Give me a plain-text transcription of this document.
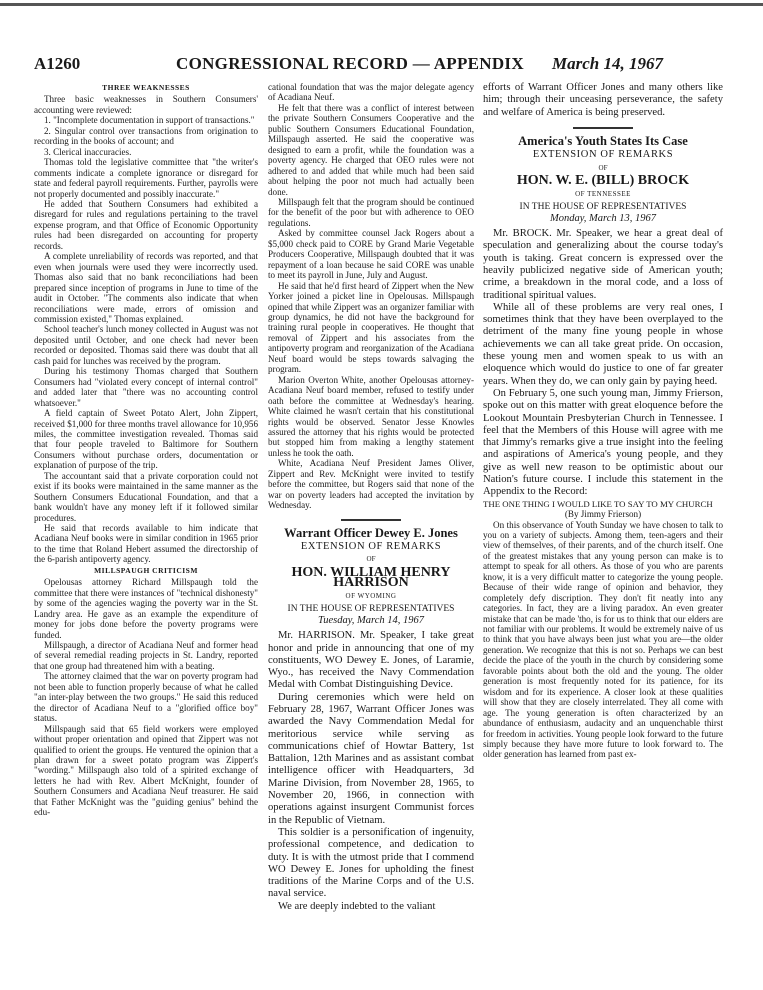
A1260	CONGRESSIONAL RECORD — APPENDIX March 14, 1967
THREE WEAKNESSES

Three basic weaknesses in Southern Consumers' accounting were reviewed:

1. "Incomplete documentation in support of transactions."

2. Singular control over transactions from origination to recording in the books of account; and

3. Clerical inaccuracies.

Thomas told the legislative committee that "the writer's comments indicate a complete ignorance or disregard for state and federal payroll requirements. Further, payrolls were not properly documented and possibly inaccurate."

He added that Southern Consumers had exhibited a disregard for rules and regulations pertaining to the travel expense program, and that Office of Economic Opportunity rules had been disregarded on accounting for property records.

A complete unreliability of records was reported, and that even when journals were used they were incorrectly used. Thomas also said that no bank reconciliations had been prepared since inception of programs in June to time of the audit in October. "The comments also indicate that when reconciliations were made, errors of omission and commission existed," Thomas explained.

School teacher's lunch money collected in August was not deposited until October, and one check had never been recorded or deposited. Thomas said there was doubt that all cash paid for lunches was received by the program.

During his testimony Thomas charged that Southern Consumers had "violated every concept of internal control" and added later that "there was no accounting control whatsoever."

A field captain of Sweet Potato Alert, John Zippert, received $1,000 for three months travel allowance for 10,956 miles, the committee investigation revealed. Thomas said that four people traveled to Baltimore for Southern Consumers without purchase orders, documentation or explanation of purpose of the trip.

The accountant said that a private corporation could not exist if its books were maintained in the same manner as the Southern Consumers Educational Foundation, and that a bank wouldn't have any money left if it followed similar procedures.

He said that records available to him indicate that Acadiana Neuf books were in similar condition in 1965 prior to the time that Roland Hebert assumed the directorship of the 6-parish antipoverty agency.

MILLSPAUGH CRITICISM

Opelousas attorney Richard Millspaugh told the committee that there were instances of "technical dishonesty" by some of the agencies waging the poverty war in the St. Landry area. He gave as an example the expenditure of money for jobs done before the poverty programs were funded.

Millspaugh, a director of Acadiana Neuf and former head of several remedial reading projects in St. Landry, reported that one group had threatened him with a beating.

The attorney claimed that the war on poverty program had not been able to function properly because of what he called "an inter-play between the two groups." He said this reduced the director of Acadiana Neuf to a "glorified office boy" status.

Millspaugh said that 65 field workers were employed without proper orientation and opined that Zippert was not qualified to orient the groups. He ventured the opinion that a plan drawn for a sweet potato program was Zippert's "wording." Millspaugh also told of a spirited exchange of letters he had with Rev. Albert McKnight, founder of Southern Consumers and Acadiana Neuf treasurer. He said that Father McKnight was the "guiding genius" behind the edu-

cational foundation that was the major delegate agency of Acadiana Neuf.

He felt that there was a conflict of interest between the private Southern Consumers Cooperative and the public Southern Consumers Educational Foundation, Millspaugh asserted. He said the cooperative was designed to earn a profit, while the foundation was a poverty agency. He charged that OEO rules were not adhered to and added that while much had been said about helping the poor not much had actually been done.

Millspaugh felt that the program should be continued for the benefit of the poor but with adherence to OEO regulations.

Asked by committee counsel Jack Rogers about a $5,000 check paid to CORE by Grand Marie Vegetable Producers Cooperative, Millspaugh doubted that it was repayment of a loan because he said CORE was unable to meet its payroll in June, July and August.

He said that he'd first heard of Zippert when the New Yorker joined a picket line in Opelousas. Millspaugh opined that while Zippert was an organizer familiar with group dynamics, he did not have the background for training rural people in cooperatives. He thought that removal of Zippert and his associates from the antipoverty program and reorganization of the Acadiana Neuf board would be steps towards salvaging the program.

Marion Overton White, another Opelousas attorney-Acadiana Neuf board member, refused to testify under oath before the committee at Wednesday's hearing. White claimed he wasn't certain that his constitutional rights would be observed. Senator Jesse Knowles assured the attorney that his rights would be protected but stopped him from making a lengthy statement unless he took the oath.

White, Acadiana Neuf President James Oliver, Zippert and Rev. McKnight were invited to testify before the committee, but Rogers said that none of the war on poverty leaders had accepted the invitation by Wednesday.

Warrant Officer Dewey E. Jones
EXTENSION OF REMARKS
OF
HON. WILLIAM HENRY HARRISON
OF WYOMING
IN THE HOUSE OF REPRESENTATIVES
Tuesday, March 14, 1967

Mr. HARRISON. Mr. Speaker, I take great honor and pride in announcing that one of my constituents, WO Dewey E. Jones, of Laramie, Wyo., has received the Navy Commendation Medal with Combat Distinguishing Device.

During ceremonies which were held on February 28, 1967, Warrant Officer Jones was awarded the Navy Commendation Medal for meritorious service while serving as communications chief of Howtar Battery, 1st Battalion, 12th Marines and as assistant combat intelligence officer with Headquarters, 3d Marine Division, from November 28, 1965, to November 20, 1966, in connection with operations against insurgent Communist forces in the Republic of Vietnam.

This soldier is a personification of ingenuity, professional competence, and dedication to duty. It is with the utmost pride that I commend WO Dewey E. Jones for upholding the finest traditions of the Marine Corps and of the U.S. naval service.

We are deeply indebted to the valiant

efforts of Warrant Officer Jones and many others like him; through their unceasing perseverance, the safety and welfare of America is being preserved.

America's Youth States Its Case
EXTENSION OF REMARKS
OF
HON. W. E. (BILL) BROCK
OF TENNESSEE
IN THE HOUSE OF REPRESENTATIVES
Monday, March 13, 1967

Mr. BROCK. Mr. Speaker, we hear a great deal of speculation and generalizing about the course today's youth is taking. Great concern is expressed over the heavily publicized negative side of American youth; crime, a breakdown in the moral code, and a loss of traditional spiritual values.

While all of these problems are very real ones, I sometimes think that they have been overplayed to the detriment of the many fine young people in whose achievements we can all take great pride. On occasion, these young men and women speak to us with an eloquence which would do justice to one of far greater years. When they do, we can only gain by paying heed.

On February 5, one such young man, Jimmy Frierson, spoke out on this matter with great eloquence before the Lookout Mountain Presbyterian Church in Tennessee. I feel that the Members of this House will agree with me that Jimmy's remarks give a true insight into the feeling and aspirations of America's young people, and they give as well new reason to be optimistic about our Nation's future course. I include this statement in the Appendix to the Record:

THE ONE THING I WOULD LIKE TO SAY TO MY CHURCH

(By Jimmy Frierson)

On this observance of Youth Sunday we have chosen to talk to you on a variety of subjects. Among them, teen-agers and their view of themselves, of their parents, and of the church itself. One of the greatest mistakes that any young person can make is to attempt to speak for all others. As those of you who are parents know, it is a very difficult matter to categorize the young people. Because of their wide range of opinion and behavior, they completely defy discription. They don't fit neatly into any categories. In fact, they are a living paradox. An even greater mistake that can be made 'tho, is for us to think that our elders are not familiar with our problems. It would be extremely naive of us to think that you have always been just what you are—the older generation. We recognize that this is not so. Perhaps we can best decide the place of the youth in the church by considering some favorable points about both the old and the young. The older generation is most frequently noted for its patience, for its wisdom and for its experience. A closer look at these qualities will show that they are closely interrelated. They all come with age. The young generation is often characterized by an abundance of enthusiasm, audacity and an unquenchable thirst for freedom in activities. Young people look forward to the future simply because they have more future to look forward to. The older generation has learned from past ex-
